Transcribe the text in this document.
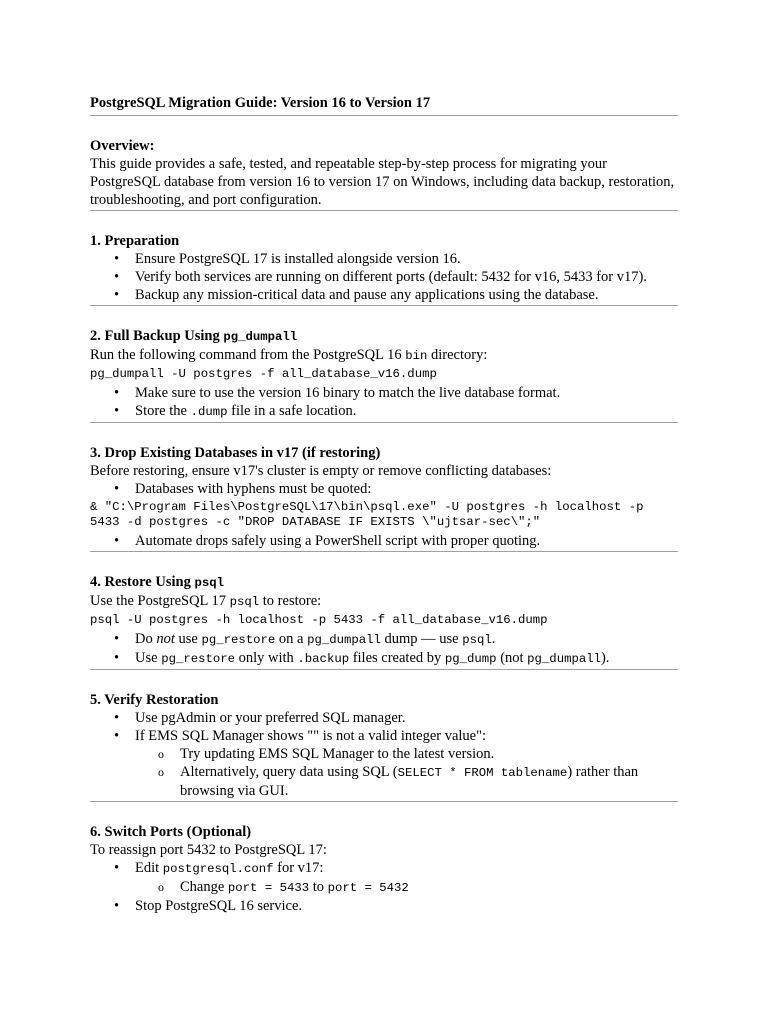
PostgreSQL Migration Guide: Version 16 to Version 17

Overview:
This guide provides a safe, tested, and repeatable step-by-step process for migrating your PostgreSQL database from version 16 to version 17 on Windows, including data backup, restoration, troubleshooting, and port configuration.
1. Preparation
• Ensure PostgreSQL 17 is installed alongside version 16.
• Verify both services are running on different ports (default: 5432 for v16, 5433 for v17).
• Backup any mission-critical data and pause any applications using the database.
2. Full Backup Using pg_dumpall
Run the following command from the PostgreSQL 16 bin directory:
pg_dumpall -U postgres -f all_database_v16.dump
• Make sure to use the version 16 binary to match the live database format.
• Store the .dump file in a safe location.
3. Drop Existing Databases in v17 (if restoring)
Before restoring, ensure v17's cluster is empty or remove conflicting databases:
• Databases with hyphens must be quoted:
& "C:\Program Files\PostgreSQL\17\bin\psql.exe" -U postgres -h localhost -p 5433 -d postgres -c "DROP DATABASE IF EXISTS \"ujtsar-sec\";"
• Automate drops safely using a PowerShell script with proper quoting.
4. Restore Using psql
Use the PostgreSQL 17 psql to restore:
psql -U postgres -h localhost -p 5433 -f all_database_v16.dump
• Do not use pg_restore on a pg_dumpall dump — use psql.
• Use pg_restore only with .backup files created by pg_dump (not pg_dumpall).
5. Verify Restoration
• Use pgAdmin or your preferred SQL manager.
• If EMS SQL Manager shows "" is not a valid integer value":
o Try updating EMS SQL Manager to the latest version.
o Alternatively, query data using SQL (SELECT * FROM tablename) rather than browsing via GUI.
6. Switch Ports (Optional)
To reassign port 5432 to PostgreSQL 17:
• Edit postgresql.conf for v17:
o Change port = 5433 to port = 5432
• Stop PostgreSQL 16 service.
